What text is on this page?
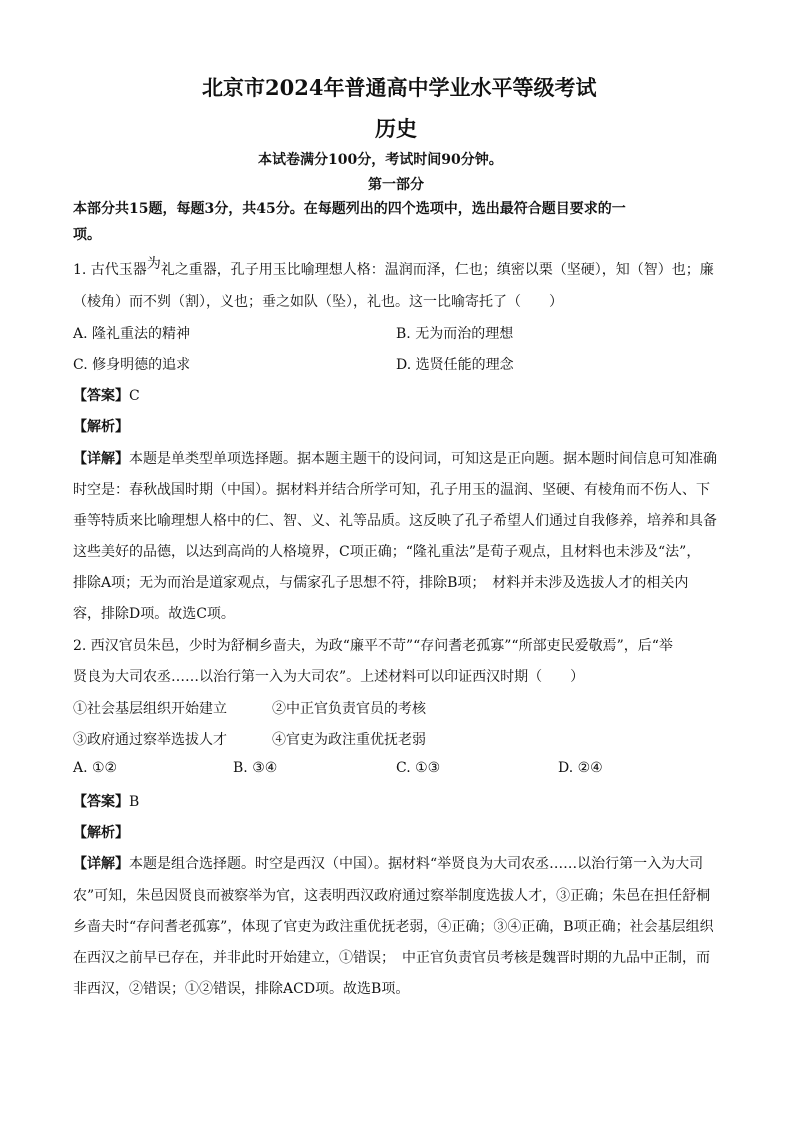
北京市2024年普通高中学业水平等级考试
历史
本试卷满分100分，考试时间90分钟。
第一部分
本部分共15题，每题3分，共45分。在每题列出的四个选项中，选出最符合题目要求的一
项。
1. 古代玉器为礼之重器，孔子用玉比喻理想人格：温润而泽，仁也；缜密以栗（坚硬），知（智）也；廉
（棱角）而不刿（割），义也；垂之如队（坠），礼也。这一比喻寄托了（　　）
A. 隆礼重法的精神	B. 无为而治的理想
C. 修身明德的追求	D. 选贤任能的理念
【答案】C
【解析】
【详解】本题是单类型单项选择题。据本题主题干的设问词，可知这是正向题。据本题时间信息可知准确
时空是：春秋战国时期（中国）。据材料并结合所学可知，孔子用玉的温润、坚硬、有棱角而不伤人、下
垂等特质来比喻理想人格中的仁、智、义、礼等品质。这反映了孔子希望人们通过自我修养，培养和具备
这些美好的品德，以达到高尚的人格境界，C项正确；“隆礼重法”是荀子观点，且材料也未涉及“法”，
排除A项；无为而治是道家观点，与儒家孔子思想不符，排除B项；　材料并未涉及选拔人才的相关内
容，排除D项。故选C项。
2. 西汉官员朱邑，少时为舒桐乡啬夫，为政“廉平不苛”“存问耆老孤寡”“所部吏民爱敬焉”，后“举
贤良为大司农丞……以治行第一入为大司农”。上述材料可以印证西汉时期（　　）
①社会基层组织开始建立	②中正官负责官员的考核
③政府通过察举选拔人才	④官吏为政注重优抚老弱
A. ①②	B. ③④	C. ①③	D. ②④
【答案】B
【解析】
【详解】本题是组合选择题。时空是西汉（中国）。据材料“举贤良为大司农丞……以治行第一入为大司
农”可知，朱邑因贤良而被察举为官，这表明西汉政府通过察举制度选拔人才，③正确；朱邑在担任舒桐
乡啬夫时“存问耆老孤寡”，体现了官吏为政注重优抚老弱，④正确；③④正确，B项正确；社会基层组织
在西汉之前早已存在，并非此时开始建立，①错误；　中正官负责官员考核是魏晋时期的九品中正制，而
非西汉，②错误；①②错误，排除ACD项。故选B项。
